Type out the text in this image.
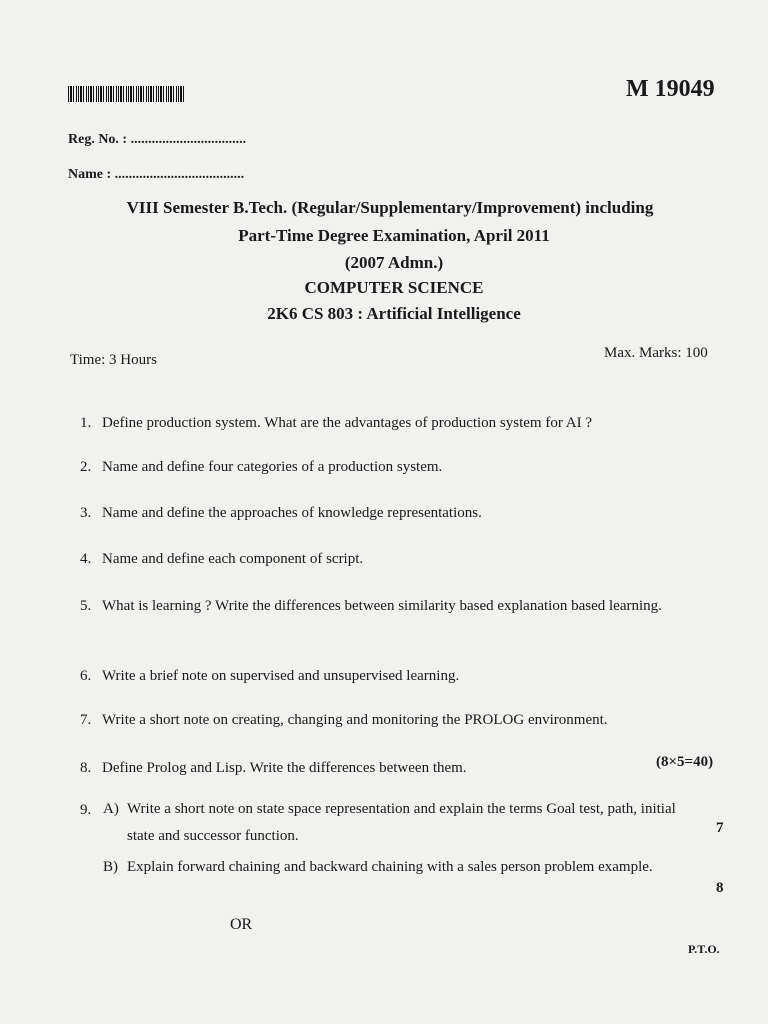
M 19049
Reg. No. : .................................
Name : .....................................
VIII Semester B.Tech. (Regular/Supplementary/Improvement) including
Part-Time Degree Examination, April 2011
(2007 Admn.)
COMPUTER SCIENCE
2K6 CS 803 : Artificial Intelligence
Time: 3 Hours	Max. Marks: 100
1. Define production system. What are the advantages of production system for AI ?
2. Name and define four categories of a production system.
3. Name and define the approaches of knowledge representations.
4. Name and define each component of script.
5. What is learning ? Write the differences between similarity based explanation based learning.
6. Write a brief note on supervised and unsupervised learning.
7. Write a short note on creating, changing and monitoring the PROLOG environment.
8. Define Prolog and Lisp. Write the differences between them.	(8×5=40)
9. A) Write a short note on state space representation and explain the terms Goal test, path, initial state and successor function.	7
B) Explain forward chaining and backward chaining with a sales person problem example.
8
OR
P.T.O.
